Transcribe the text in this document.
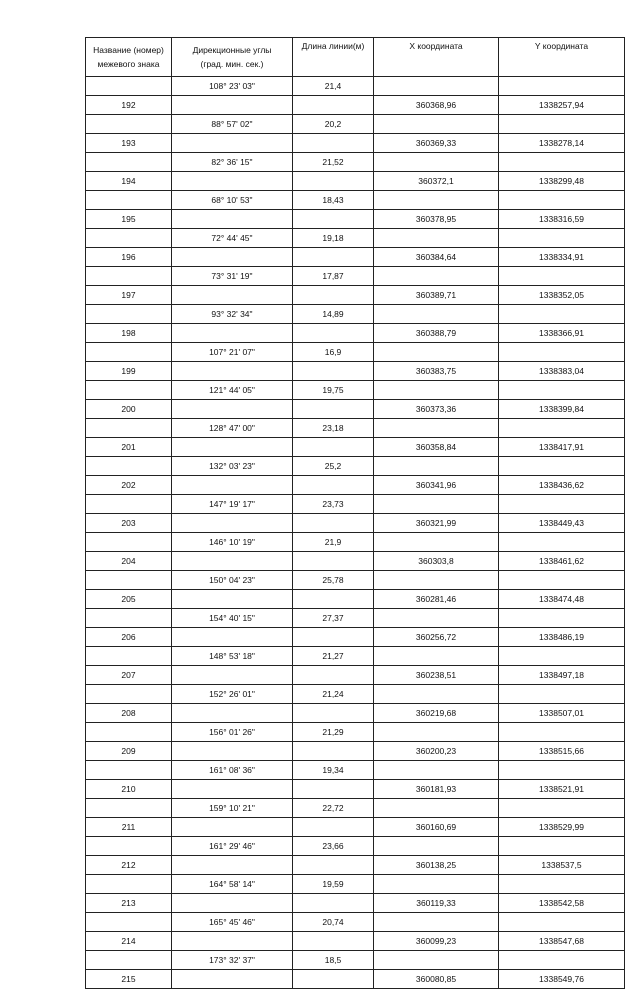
Название (номер)
межевого знака	Дирекционные углы
(град. мин. сек.)	Длина линии(м)	X координата	Y координата
	108° 23' 03"	21,4		
192			360368,96	1338257,94
	88° 57' 02"	20,2		
193			360369,33	1338278,14
	82° 36' 15"	21,52		
194			360372,1	1338299,48
	68° 10' 53"	18,43		
195			360378,95	1338316,59
	72° 44' 45"	19,18		
196			360384,64	1338334,91
	73° 31' 19"	17,87		
197			360389,71	1338352,05
	93° 32' 34"	14,89		
198			360388,79	1338366,91
	107° 21' 07"	16,9		
199			360383,75	1338383,04
	121° 44' 05"	19,75		
200			360373,36	1338399,84
	128° 47' 00"	23,18		
201			360358,84	1338417,91
	132° 03' 23"	25,2		
202			360341,96	1338436,62
	147° 19' 17"	23,73		
203			360321,99	1338449,43
	146° 10' 19"	21,9		
204			360303,8	1338461,62
	150° 04' 23"	25,78		
205			360281,46	1338474,48
	154° 40' 15"	27,37		
206			360256,72	1338486,19
	148° 53' 18"	21,27		
207			360238,51	1338497,18
	152° 26' 01"	21,24		
208			360219,68	1338507,01
	156° 01' 26"	21,29		
209			360200,23	1338515,66
	161° 08' 36"	19,34		
210			360181,93	1338521,91
	159° 10' 21"	22,72		
211			360160,69	1338529,99
	161° 29' 46"	23,66		
212			360138,25	1338537,5
	164° 58' 14"	19,59		
213			360119,33	1338542,58
	165° 45' 46"	20,74		
214			360099,23	1338547,68
	173° 32' 37"	18,5		
215			360080,85	1338549,76
